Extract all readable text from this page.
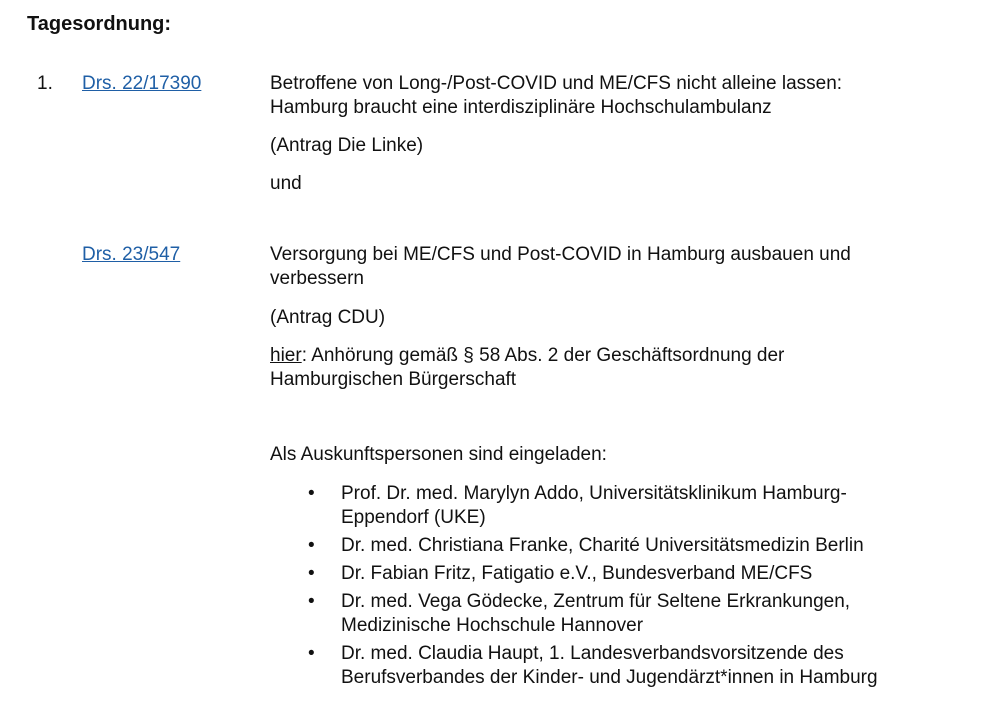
Tagesordnung:
1. Drs. 22/17390	Betroffene von Long-/Post-COVID und ME/CFS nicht alleine lassen:
Hamburg braucht eine interdisziplinäre Hochschulambulanz
(Antrag Die Linke)
und
Drs. 23/547	Versorgung bei ME/CFS und Post-COVID in Hamburg ausbauen und
verbessern
(Antrag CDU)
hier: Anhörung gemäß § 58 Abs. 2 der Geschäftsordnung der
Hamburgischen Bürgerschaft
Als Auskunftspersonen sind eingeladen:
• Prof. Dr. med. Marylyn Addo, Universitätsklinikum Hamburg-
Eppendorf (UKE)
• Dr. med. Christiana Franke, Charité Universitätsmedizin Berlin
• Dr. Fabian Fritz, Fatigatio e.V., Bundesverband ME/CFS
• Dr. med. Vega Gödecke, Zentrum für Seltene Erkrankungen,
Medizinische Hochschule Hannover
• Dr. med. Claudia Haupt, 1. Landesverbandsvorsitzende des
Berufsverbandes der Kinder- und Jugendärzt*innen in Hamburg
